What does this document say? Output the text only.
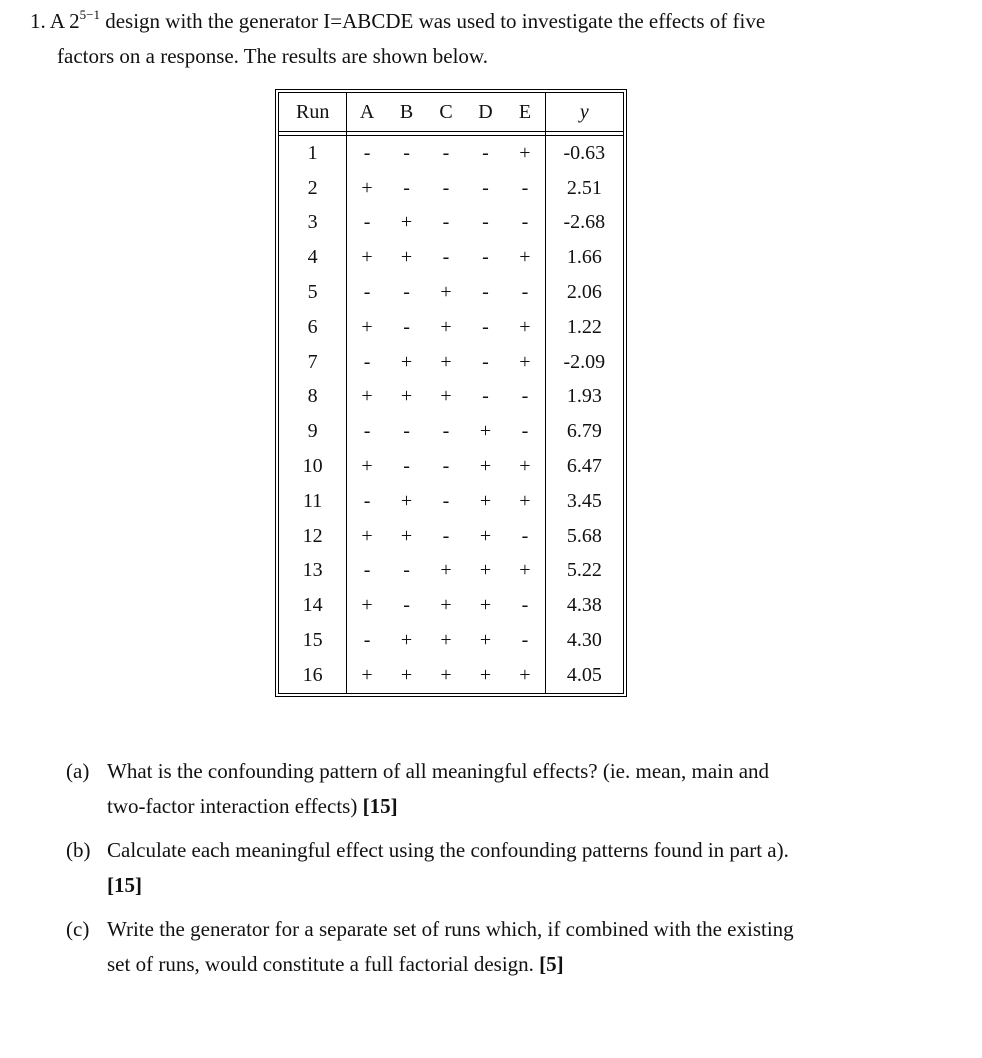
1. A $2^{5-1}$ design with the generator I=ABCDE was used to investigate the effects of five
factors on a response. The results are shown below.
Run	A	B	C	D	E	y

1	-	-	-	-	+	-0.63
2	+	-	-	-	-	2.51
3	-	+	-	-	-	-2.68
4	+	+	-	-	+	1.66
5	-	-	+	-	-	2.06
6	+	-	+	-	+	1.22
7	-	+	+	-	+	-2.09
8	+	+	+	-	-	1.93
9	-	-	-	+	-	6.79
10	+	-	-	+	+	6.47
11	-	+	-	+	+	3.45
12	+	+	-	+	-	5.68
13	-	-	+	+	+	5.22
14	+	-	+	+	-	4.38
15	-	+	+	+	-	4.30
16	+	+	+	+	+	4.05
(a) What is the confounding pattern of all meaningful effects? (ie. mean, main and
two-factor interaction effects) [15]
(b) Calculate each meaningful effect using the confounding patterns found in part a).
[15]
(c) Write the generator for a separate set of runs which, if combined with the existing
set of runs, would constitute a full factorial design. [5]
